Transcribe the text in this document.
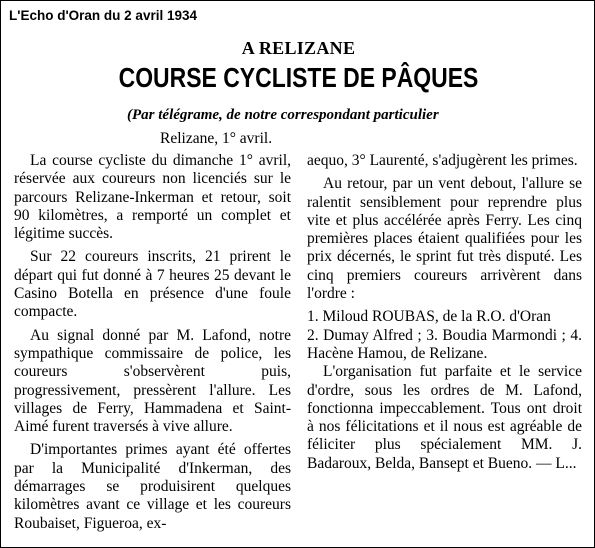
L'Echo d'Oran du 2 avril 1934
A RELIZANE
COURSE CYCLISTE DE PÂQUES
(Par télégrame, de notre correspondant particulier
Relizane, 1° avril.

La course cycliste du dimanche 1° avril, réservée aux coureurs non licenciés sur le parcours Relizane-Inkerman et retour, soit 90 kilomètres, a remporté un complet et légitime succès.

Sur 22 coureurs inscrits, 21 prirent le départ qui fut donné à 7 heures 25 devant le Casino Botella en présence d'une foule compacte.

Au signal donné par M. Lafond, notre sympathique commissaire de police, les coureurs s'observèrent puis, progressivement, pressèrent l'allure. Les villages de Ferry, Hammadena et Saint-Aimé furent traversés à vive allure.

D'importantes primes ayant été offertes par la Municipalité d'Inkerman, des démarrages se produisirent quelques kilomètres avant ce village et les coureurs Roubaiset, Figueroa, ex-

aequo, 3° Laurenté, s'adjugèrent les primes.

Au retour, par un vent debout, l'allure se ralentit sensiblement pour reprendre plus vite et plus accélérée après Ferry. Les cinq premières places étaient qualifiées pour les prix décernés, le sprint fut très disputé. Les cinq premiers coureurs arrivèrent dans l'ordre :

1. Miloud ROUBAS, de la R.O. d'Oran

2. Dumay Alfred ; 3. Boudia Marmondi ; 4. Hacène Hamou, de Relizane.

L'organisation fut parfaite et le service d'ordre, sous les ordres de M. Lafond, fonctionna impeccablement. Tous ont droit à nos félicitations et il nous est agréable de féliciter plus spécialement MM. J. Badaroux, Belda, Bansept et Bueno. — L...
